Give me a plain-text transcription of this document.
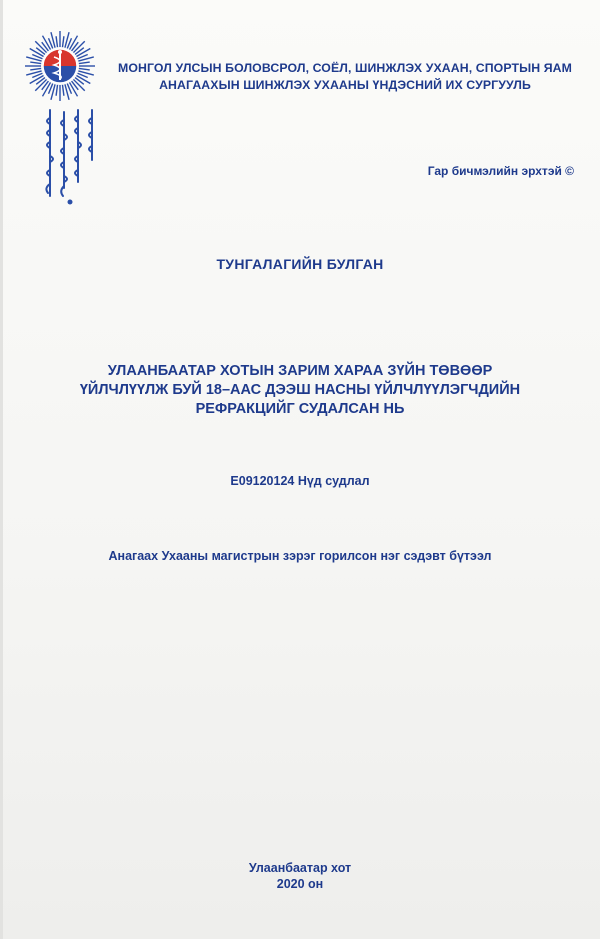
МОНГОЛ УЛСЫН БОЛОВСРОЛ, СОЁЛ, ШИНЖЛЭХ УХААН, СПОРТЫН ЯАМ
АНАГААХЫН ШИНЖЛЭХ УХААНЫ ҮНДЭСНИЙ ИХ СУРГУУЛЬ
Гар бичмэлийн эрхтэй ©
ТУНГАЛАГИЙН БУЛГАН
УЛААНБААТАР ХОТЫН ЗАРИМ ХАРАА ЗҮЙН ТӨВӨӨР
ҮЙЛЧЛҮҮЛЖ БУЙ 18–ААС ДЭЭШ НАСНЫ ҮЙЛЧЛҮҮЛЭГЧДИЙН
РЕФРАКЦИЙГ СУДАЛСАН НЬ
E09120124 Нүд судлал
Анагаах Ухааны магистрын зэрэг горилсон нэг сэдэвт бүтээл
Улаанбаатар хот
2020 он
